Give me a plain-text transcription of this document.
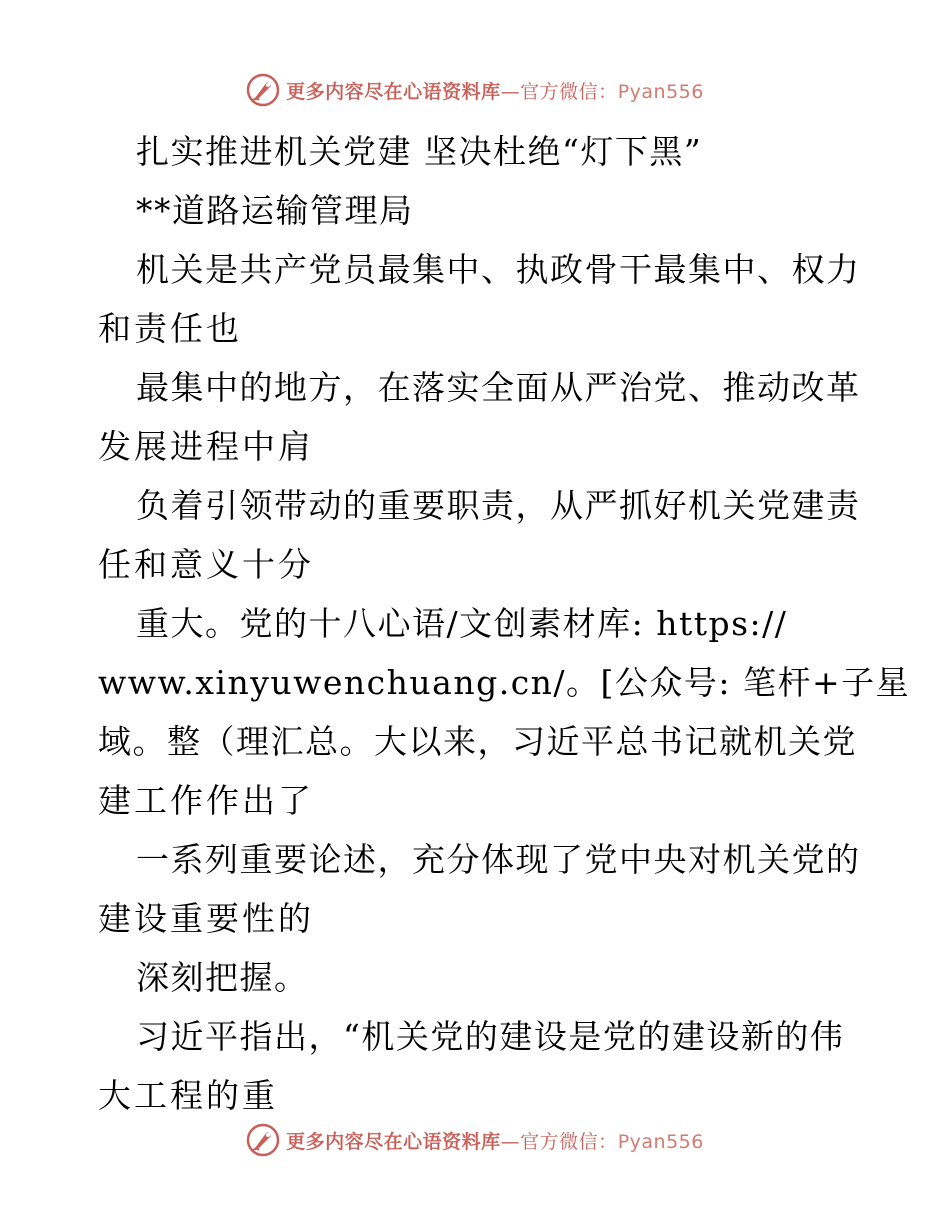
更多内容尽在心语资料库—官方微信：Pyan556
扎实推进机关党建 坚决杜绝“灯下黑”
**道路运输管理局
机关是共产党员最集中、执政骨干最集中、权力
和责任也
最集中的地方，在落实全面从严治党、推动改革
发展进程中肩
负着引领带动的重要职责，从严抓好机关党建责
任和意义十分
重大。党的十八心语/文创素材库: https://
www.xinyuwenchuang.cn/。[公众号: 笔杆+子星
域。整（理汇总。大以来，习近平总书记就机关党
建工作作出了
一系列重要论述，充分体现了党中央对机关党的
建设重要性的
深刻把握。
习近平指出，“机关党的建设是党的建设新的伟
大工程的重
更多内容尽在心语资料库—官方微信：Pyan556
